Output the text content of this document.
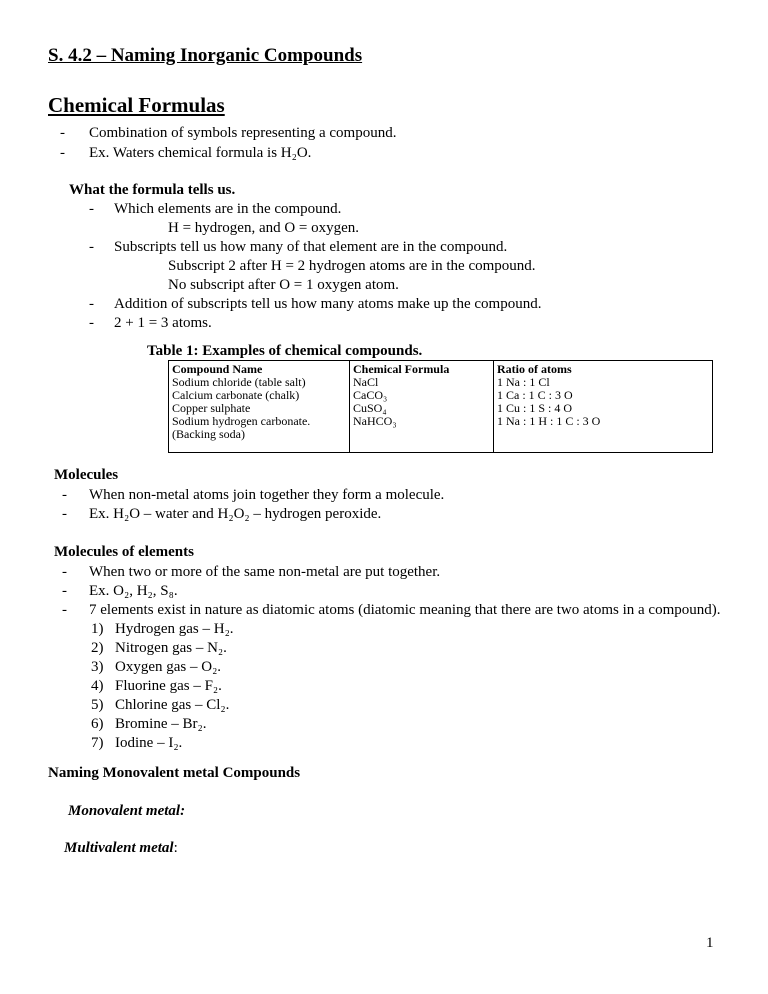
S. 4.2 – Naming Inorganic Compounds
Chemical Formulas
- Combination of symbols representing a compound.
- Ex. Waters chemical formula is H₂O.
What the formula tells us.
- Which elements are in the compound.
H = hydrogen, and O = oxygen.
- Subscripts tell us how many of that element are in the compound.
Subscript 2 after H = 2 hydrogen atoms are in the compound.
No subscript after O = 1 oxygen atom.
- Addition of subscripts tell us how many atoms make up the compound.
- 2 + 1 = 3 atoms.
Table 1: Examples of chemical compounds.
Compound Name	Chemical Formula	Ratio of atoms
Sodium chloride (table salt)	NaCl	1 Na : 1 Cl
Calcium carbonate (chalk)	CaCO₃	1 Ca : 1 C : 3 O
Copper sulphate	CuSO₄	1 Cu : 1 S : 4 O
Sodium hydrogen carbonate.	NaHCO₃	1 Na : 1 H : 1 C : 3 O
(Backing soda)
Molecules
- When non-metal atoms join together they form a molecule.
- Ex. H₂O – water and H₂O₂ – hydrogen peroxide.
Molecules of elements
- When two or more of the same non-metal are put together.
- Ex. O₂, H₂, S₈.
- 7 elements exist in nature as diatomic atoms (diatomic meaning that there are two atoms in a compound).
1) Hydrogen gas – H₂.
2) Nitrogen gas – N₂.
3) Oxygen gas – O₂.
4) Fluorine gas – F₂.
5) Chlorine gas – Cl₂.
6) Bromine – Br₂.
7) Iodine – I₂.
Naming Monovalent metal Compounds
Monovalent metal:
Multivalent metal:
1
